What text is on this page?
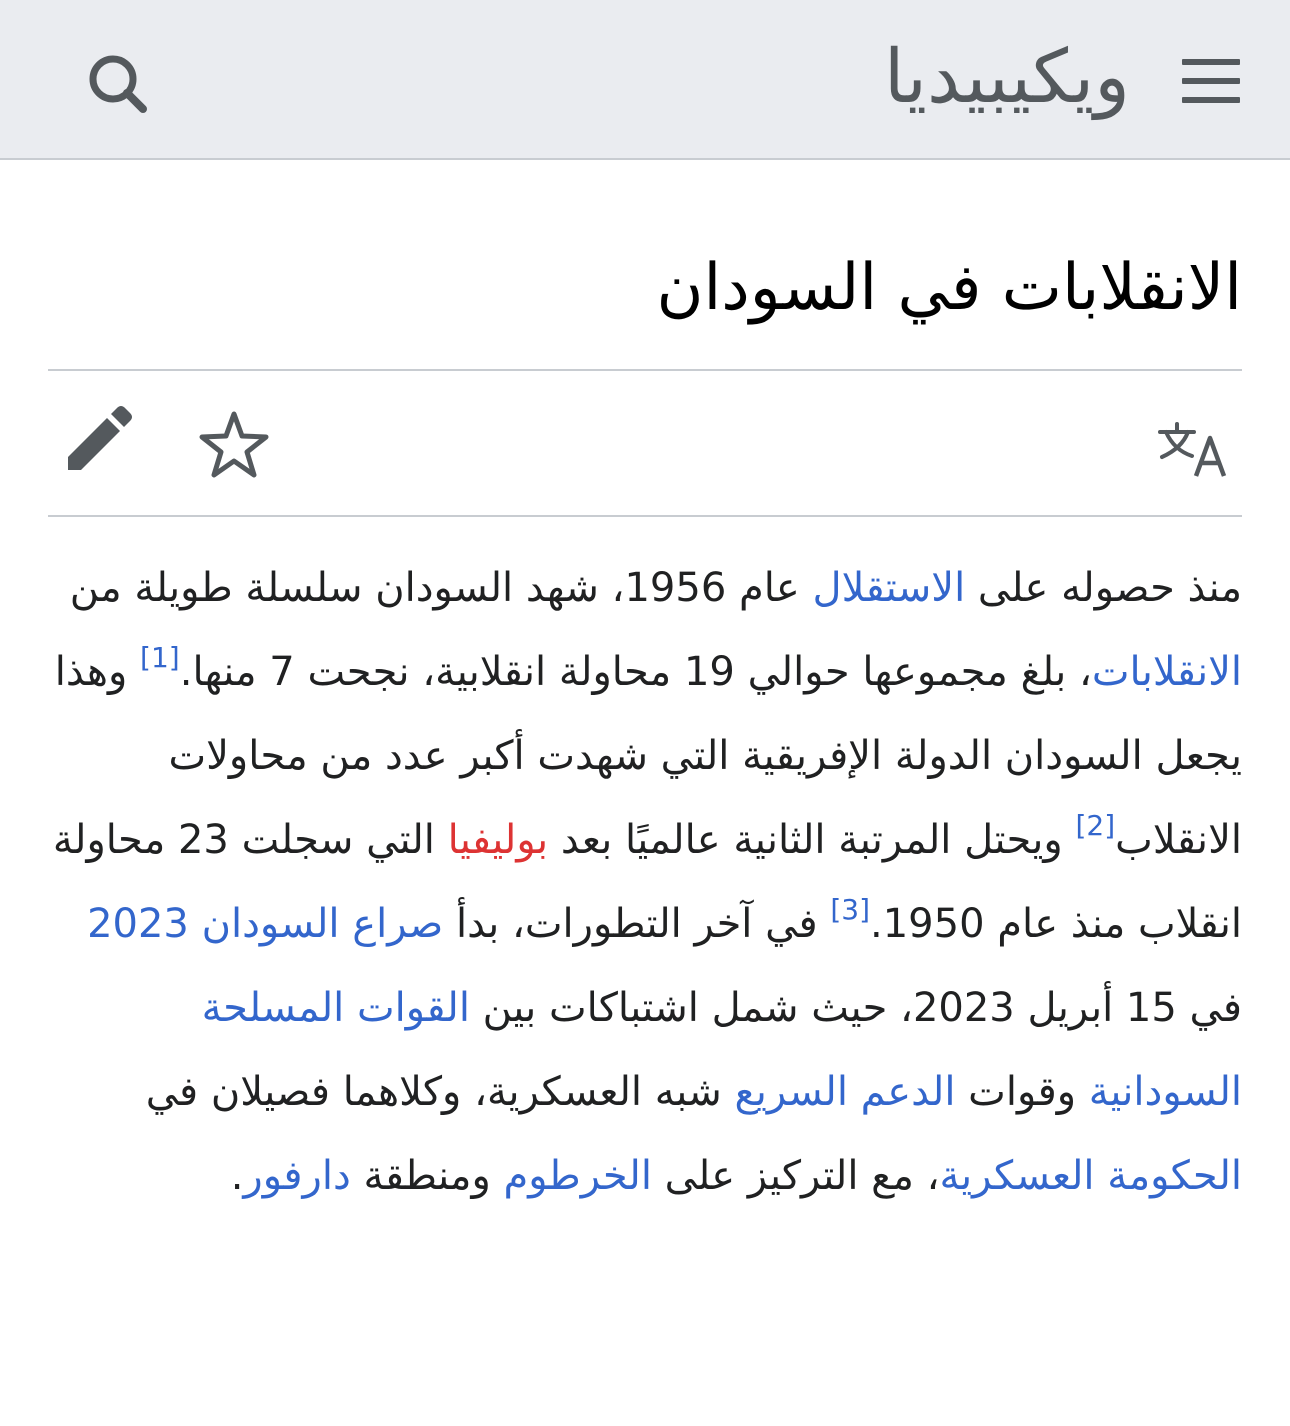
ويكيبيديا
الانقلابات في السودان
منذ حصوله على الاستقلال عام 1956، شهد السودان سلسلة طويلة من الانقلابات، بلغ مجموعها حوالي 19 محاولة انقلابية، نجحت 7 منها.[1] وهذا يجعل السودان الدولة الإفريقية التي شهدت أكبر عدد من محاولات الانقلاب[2] ويحتل المرتبة الثانية عالميًا بعد بوليفيا التي سجلت 23 محاولة انقلاب منذ عام 1950.[3] في آخر التطورات، بدأ صراع السودان 2023 في 15 أبريل 2023، حيث شمل اشتباكات بين القوات المسلحة السودانية وقوات الدعم السريع شبه العسكرية، وكلاهما فصيلان في الحكومة العسكرية، مع التركيز على الخرطوم ومنطقة دارفور.
